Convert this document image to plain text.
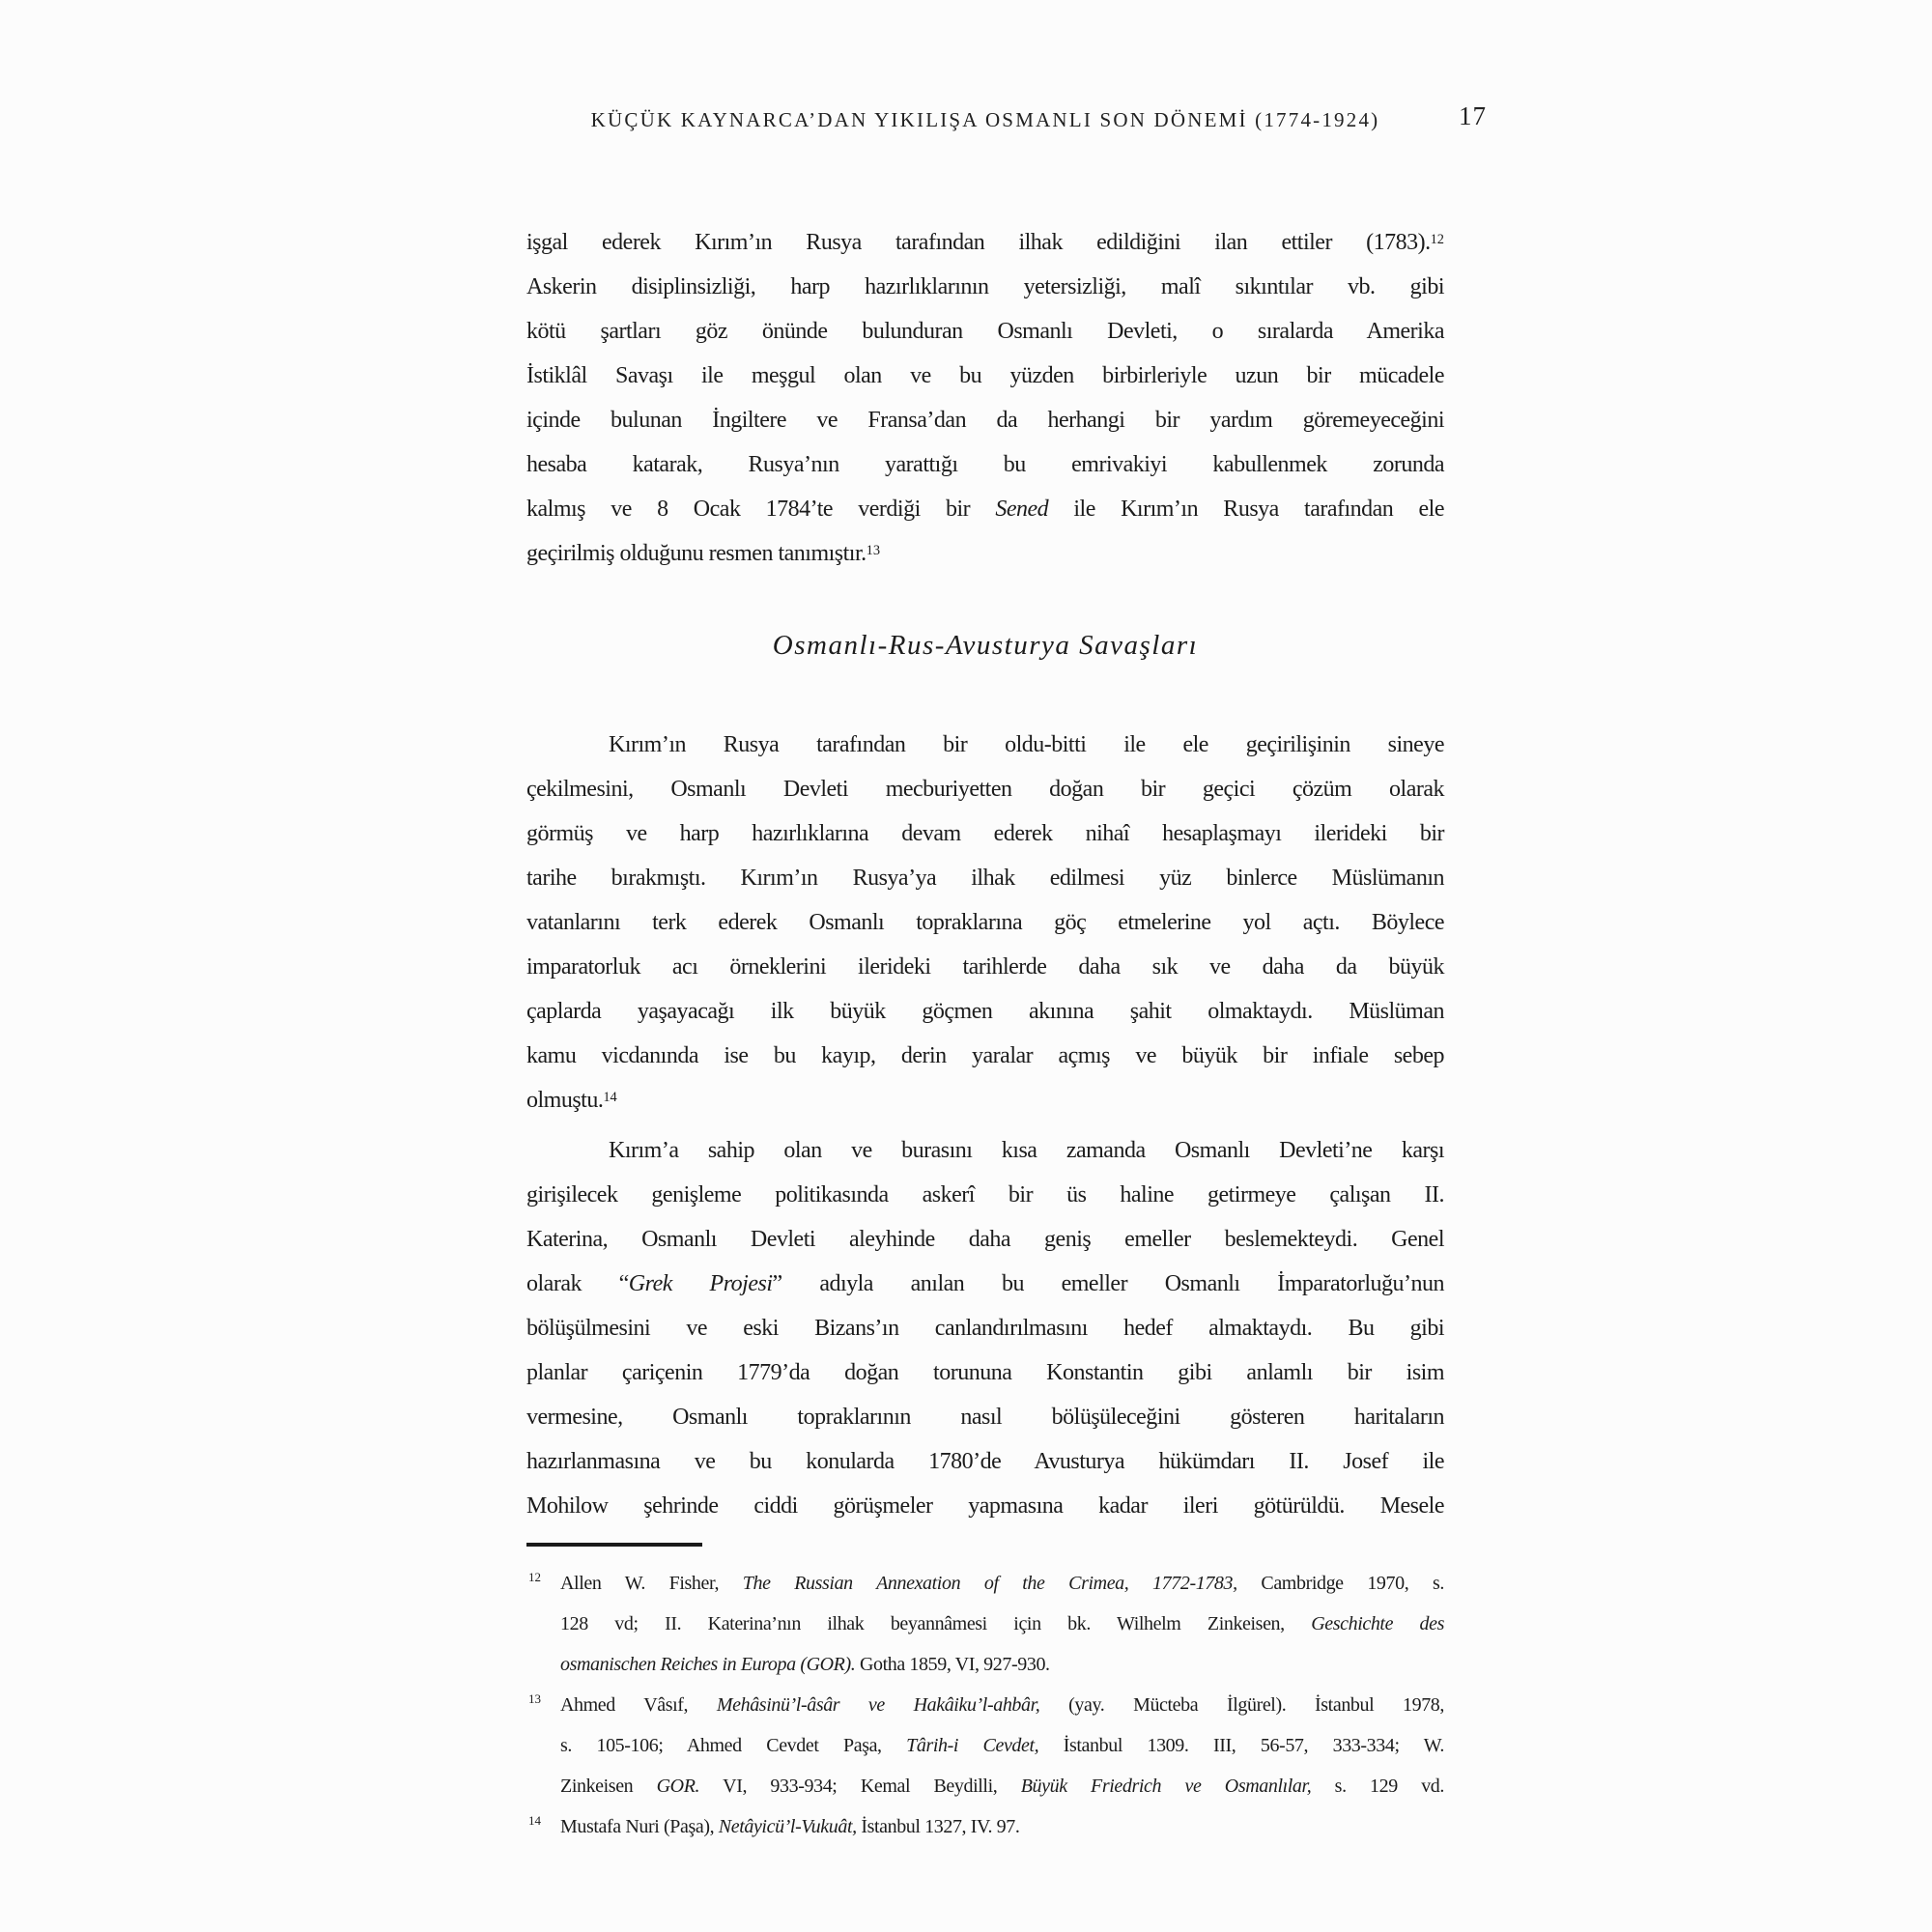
KÜÇÜK KAYNARCA’DAN YIKILIŞA OSMANLI SON DÖNEMİ (1774-1924)	17
işgal ederek Kırım’ın Rusya tarafından ilhak edildiğini ilan ettiler (1783).$^{12}$
Askerin disiplinsizliği, harp hazırlıklarının yetersizliği, malî sıkıntılar vb. gibi
kötü şartları göz önünde bulunduran Osmanlı Devleti, o sıralarda Amerika
İstiklâl Savaşı ile meşgul olan ve bu yüzden birbirleriyle uzun bir mücadele
içinde bulunan İngiltere ve Fransa’dan da herhangi bir yardım göremeyeceğini
hesaba katarak, Rusya’nın yarattığı bu emrivakiyi kabullenmek zorunda
kalmış ve 8 Ocak 1784’te verdiği bir Sened ile Kırım’ın Rusya tarafından ele
geçirilmiş olduğunu resmen tanımıştır.$^{13}$
Osmanlı-Rus-Avusturya Savaşları
Kırım’ın Rusya tarafından bir oldu-bitti ile ele geçirilişinin sineye
çekilmesini, Osmanlı Devleti mecburiyetten doğan bir geçici çözüm olarak
görmüş ve harp hazırlıklarına devam ederek nihaî hesaplaşmayı ilerideki bir
tarihe bırakmıştı. Kırım’ın Rusya’ya ilhak edilmesi yüz binlerce Müslümanın
vatanlarını terk ederek Osmanlı topraklarına göç etmelerine yol açtı. Böylece
imparatorluk acı örneklerini ilerideki tarihlerde daha sık ve daha da büyük
çaplarda yaşayacağı ilk büyük göçmen akınına şahit olmaktaydı. Müslüman
kamu vicdanında ise bu kayıp, derin yaralar açmış ve büyük bir infiale sebep
olmuştu.$^{14}$
Kırım’a sahip olan ve burasını kısa zamanda Osmanlı Devleti’ne karşı
girişilecek genişleme politikasında askerî bir üs haline getirmeye çalışan II.
Katerina, Osmanlı Devleti aleyhinde daha geniş emeller beslemekteydi. Genel
olarak “Grek Projesi” adıyla anılan bu emeller Osmanlı İmparatorluğu’nun
bölüşülmesini ve eski Bizans’ın canlandırılmasını hedef almaktaydı. Bu gibi
planlar çariçenin 1779’da doğan torununa Konstantin gibi anlamlı bir isim
vermesine, Osmanlı topraklarının nasıl bölüşüleceğini gösteren haritaların
hazırlanmasına ve bu konularda 1780’de Avusturya hükümdarı II. Josef ile
Mohilow şehrinde ciddi görüşmeler yapmasına kadar ileri götürüldü. Mesele
12 Allen W. Fisher, The Russian Annexation of the Crimea, 1772-1783, Cambridge 1970, s.
128 vd; II. Katerina’nın ilhak beyannâmesi için bk. Wilhelm Zinkeisen, Geschichte des
osmanischen Reiches in Europa (GOR). Gotha 1859, VI, 927-930.
13 Ahmed Vâsıf, Mehâsinü’l-âsâr ve Hakâiku’l-ahbâr, (yay. Mücteba İlgürel). İstanbul 1978,
s. 105-106; Ahmed Cevdet Paşa, Târih-i Cevdet, İstanbul 1309. III, 56-57, 333-334; W.
Zinkeisen GOR. VI, 933-934; Kemal Beydilli, Büyük Friedrich ve Osmanlılar, s. 129 vd.
14 Mustafa Nuri (Paşa), Netâyicü’l-Vukuât, İstanbul 1327, IV. 97.
